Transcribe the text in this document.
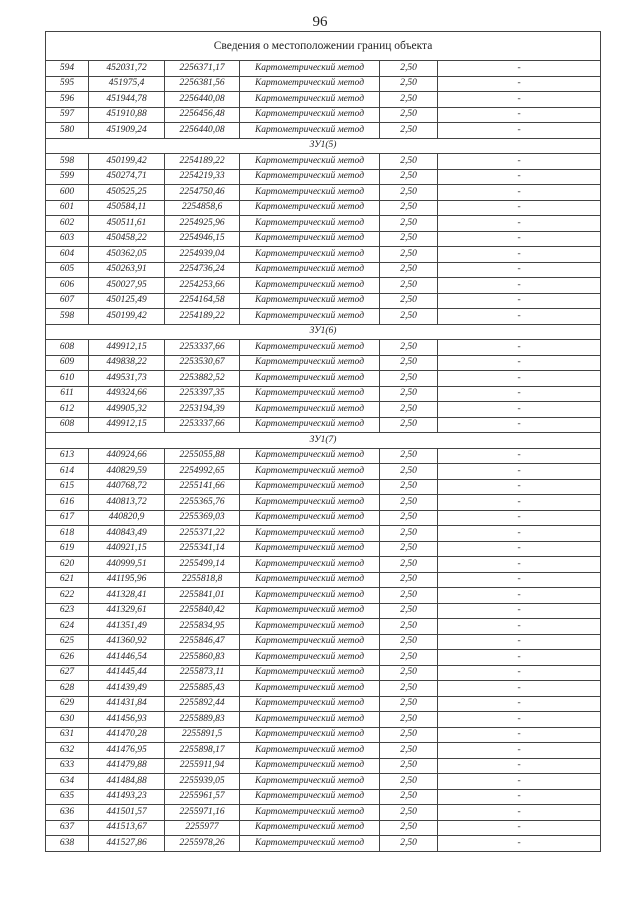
96
Сведения о местоположении границ объекта					
594	452031,72	2256371,17	Картометрический метод	2,50	-
595	451975,4	2256381,56	Картометрический метод	2,50	-
596	451944,78	2256440,08	Картометрический метод	2,50	-
597	451910,88	2256456,48	Картометрический метод	2,50	-
580	451909,24	2256440,08	Картометрический метод	2,50	-
ЗУ1(5)					
598	450199,42	2254189,22	Картометрический метод	2,50	-
599	450274,71	2254219,33	Картометрический метод	2,50	-
600	450525,25	2254750,46	Картометрический метод	2,50	-
601	450584,11	2254858,6	Картометрический метод	2,50	-
602	450511,61	2254925,96	Картометрический метод	2,50	-
603	450458,22	2254946,15	Картометрический метод	2,50	-
604	450362,05	2254939,04	Картометрический метод	2,50	-
605	450263,91	2254736,24	Картометрический метод	2,50	-
606	450027,95	2254253,66	Картометрический метод	2,50	-
607	450125,49	2254164,58	Картометрический метод	2,50	-
598	450199,42	2254189,22	Картометрический метод	2,50	-
ЗУ1(6)					
608	449912,15	2253337,66	Картометрический метод	2,50	-
609	449838,22	2253530,67	Картометрический метод	2,50	-
610	449531,73	2253882,52	Картометрический метод	2,50	-
611	449324,66	2253397,35	Картометрический метод	2,50	-
612	449905,32	2253194,39	Картометрический метод	2,50	-
608	449912,15	2253337,66	Картометрический метод	2,50	-
ЗУ1(7)					
613	440924,66	2255055,88	Картометрический метод	2,50	-
614	440829,59	2254992,65	Картометрический метод	2,50	-
615	440768,72	2255141,66	Картометрический метод	2,50	-
616	440813,72	2255365,76	Картометрический метод	2,50	-
617	440820,9	2255369,03	Картометрический метод	2,50	-
618	440843,49	2255371,22	Картометрический метод	2,50	-
619	440921,15	2255341,14	Картометрический метод	2,50	-
620	440999,51	2255499,14	Картометрический метод	2,50	-
621	441195,96	2255818,8	Картометрический метод	2,50	-
622	441328,41	2255841,01	Картометрический метод	2,50	-
623	441329,61	2255840,42	Картометрический метод	2,50	-
624	441351,49	2255834,95	Картометрический метод	2,50	-
625	441360,92	2255846,47	Картометрический метод	2,50	-
626	441446,54	2255860,83	Картометрический метод	2,50	-
627	441445,44	2255873,11	Картометрический метод	2,50	-
628	441439,49	2255885,43	Картометрический метод	2,50	-
629	441431,84	2255892,44	Картометрический метод	2,50	-
630	441456,93	2255889,83	Картометрический метод	2,50	-
631	441470,28	2255891,5	Картометрический метод	2,50	-
632	441476,95	2255898,17	Картометрический метод	2,50	-
633	441479,88	2255911,94	Картометрический метод	2,50	-
634	441484,88	2255939,05	Картометрический метод	2,50	-
635	441493,23	2255961,57	Картометрический метод	2,50	-
636	441501,57	2255971,16	Картометрический метод	2,50	-
637	441513,67	2255977	Картометрический метод	2,50	-
638	441527,86	2255978,26	Картометрический метод	2,50	-
